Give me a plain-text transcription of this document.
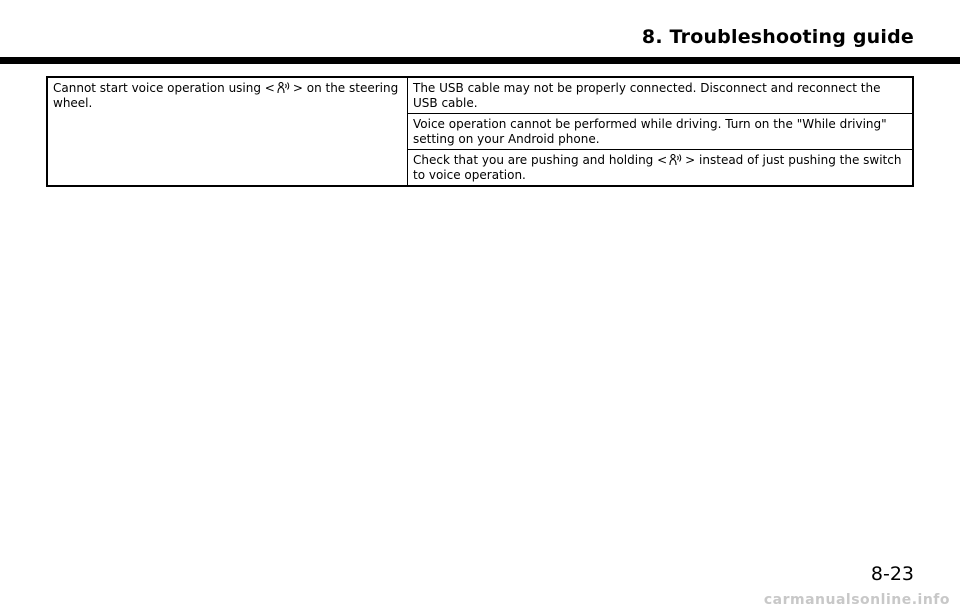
8. Troubleshooting guide
Cannot start voice operation using < > on the steering wheel.	The USB cable may not be properly connected. Disconnect and reconnect the USB cable.
Voice operation cannot be performed while driving. Turn on the "While driving" setting on your Android phone.
Check that you are pushing and holding < > instead of just pushing the switch to voice operation.
8-23
carmanualsonline.info
